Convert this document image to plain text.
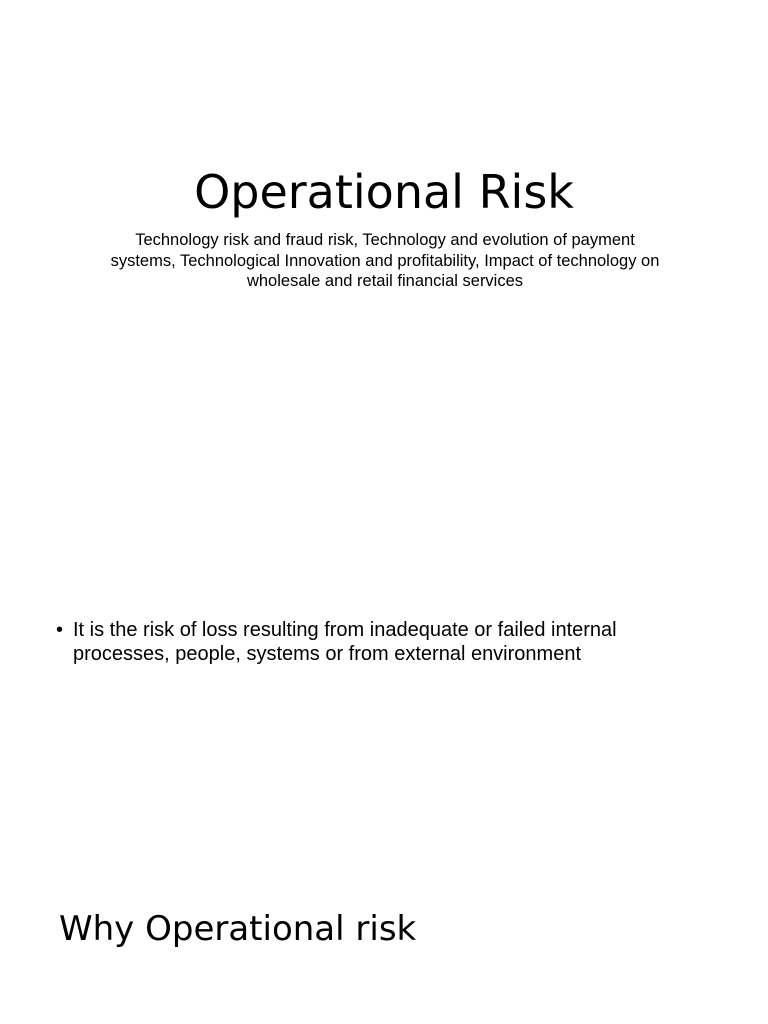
Operational Risk

Technology risk and fraud risk, Technology and evolution of payment systems, Technological Innovation and profitability, Impact of technology on wholesale and retail financial services

• It is the risk of loss resulting from inadequate or failed internal processes, people, systems or from external environment
Why Operational risk
